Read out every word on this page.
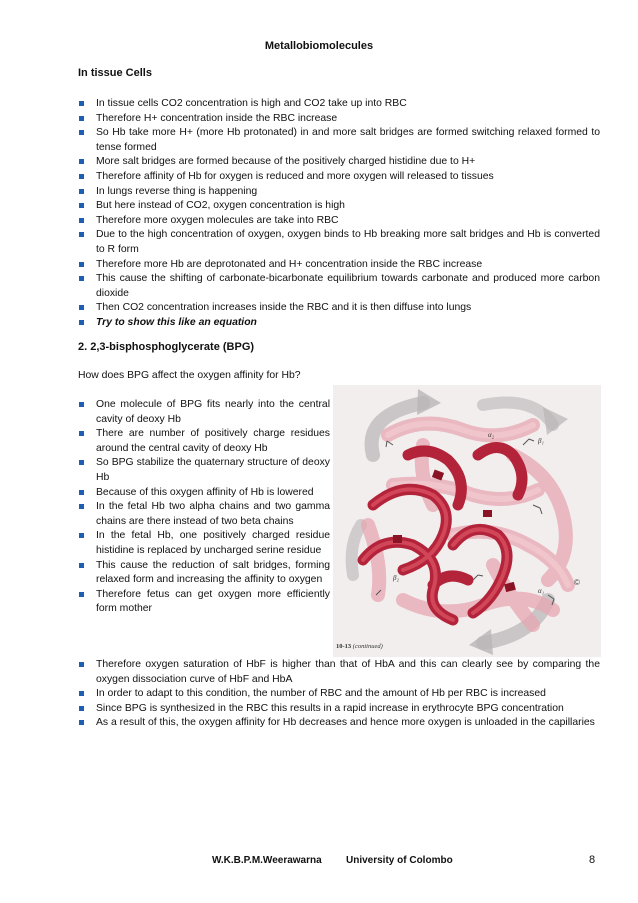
Metallobiomolecules
In tissue Cells
In tissue cells CO2 concentration is high and CO2 take up into RBC
Therefore H+ concentration inside the RBC increase
So Hb take more H+ (more Hb protonated) in and more salt bridges are formed switching relaxed formed to tense formed
More salt bridges are formed because of the positively charged histidine due to H+
Therefore affinity of Hb for oxygen is reduced and more oxygen will released to tissues
In lungs reverse thing is happening
But here instead of CO2, oxygen concentration is high
Therefore more oxygen molecules are take into RBC
Due to the high concentration of oxygen, oxygen binds to Hb breaking more salt bridges and Hb is converted to R form
Therefore more Hb are deprotonated and H+ concentration inside the RBC increase
This cause the shifting of carbonate-bicarbonate equilibrium towards carbonate and produced more carbon dioxide
Then CO2 concentration increases inside the RBC and it is then diffuse into lungs
Try to show this like an equation
2. 2,3-bisphosphoglycerate (BPG)
How does BPG affect the oxygen affinity for Hb?
One molecule of BPG fits nearly into the central cavity of deoxy Hb
There are number of positively charge residues around the central cavity of deoxy Hb
So BPG stabilize the quaternary structure of deoxy Hb
Because of this oxygen affinity of Hb is lowered
In the fetal Hb two alpha chains and two gamma chains are there instead of two beta chains
In the fetal Hb, one positively charged residue histidine is replaced by uncharged serine residue
This cause the reduction of salt bridges, forming relaxed form and increasing the affinity to oxygen
Therefore fetus can get oxygen more efficiently form mother
α₂
β₁
β₂
α₁
©
10-13 (continued)
Therefore oxygen saturation of HbF is higher than that of HbA and this can clearly see by comparing the oxygen dissociation curve of HbF and HbA
In order to adapt to this condition, the number of RBC and the amount of Hb per RBC is increased
Since BPG is synthesized in the RBC this results in a rapid increase in erythrocyte BPG concentration
As a result of this, the oxygen affinity for Hb decreases and hence more oxygen is unloaded in the capillaries
W.K.B.P.M.Weerawarna University of Colombo	8
